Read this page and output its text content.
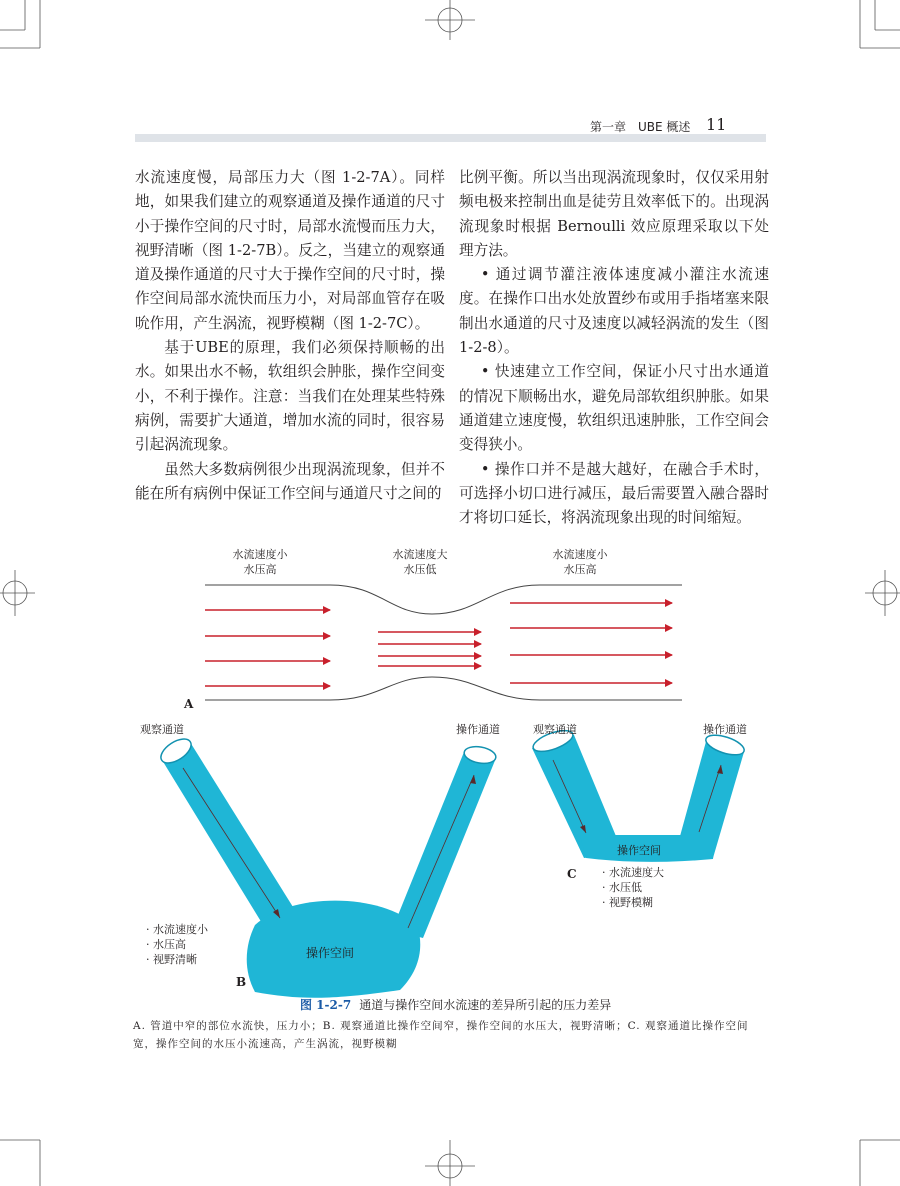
第一章　UBE 概述 11

水流速度慢，局部压力大（图 1-2-7A）。同样地，如果我们建立的观察通道及操作通道的尺寸小于操作空间的尺寸时，局部水流慢而压力大，视野清晰（图 1-2-7B）。反之，当建立的观察通道及操作通道的尺寸大于操作空间的尺寸时，操作空间局部水流快而压力小，对局部血管存在吸吮作用，产生涡流，视野模糊（图 1-2-7C）。

基于UBE的原理，我们必须保持顺畅的出水。如果出水不畅，软组织会肿胀，操作空间变小，不利于操作。注意：当我们在处理某些特殊病例，需要扩大通道，增加水流的同时，很容易引起涡流现象。

虽然大多数病例很少出现涡流现象，但并不能在所有病例中保证工作空间与通道尺寸之间的

比例平衡。所以当出现涡流现象时，仅仅采用射频电极来控制出血是徒劳且效率低下的。出现涡流现象时根据 Bernoulli 效应原理采取以下处理方法。

• 通过调节灌注液体速度减小灌注水流速度。在操作口出水处放置纱布或用手指堵塞来限制出水通道的尺寸及速度以减轻涡流的发生（图 1-2-8）。

• 快速建立工作空间，保证小尺寸出水通道的情况下顺畅出水，避免局部软组织肿胀。如果通道建立速度慢，软组织迅速肿胀，工作空间会变得狭小。

• 操作口并不是越大越好，在融合手术时，可选择小切口进行减压，最后需要置入融合器时才将切口延长，将涡流现象出现的时间缩短。

水流速度小
水压高
水流速度大
水压低
水流速度小
水压高
A
观察通道	操作通道
操作空间
· 水流速度小
· 水压高
· 视野清晰
B
观察通道	操作通道
操作空间
C · 水流速度大
· 水压低
· 视野模糊
图 1-2-7 通道与操作空间水流速的差异所引起的压力差异
A. 管道中窄的部位水流快，压力小；B. 观察通道比操作空间窄，操作空间的水压大，视野清晰；C. 观察通道比操作空间宽，操作空间的水压小流速高，产生涡流，视野模糊
